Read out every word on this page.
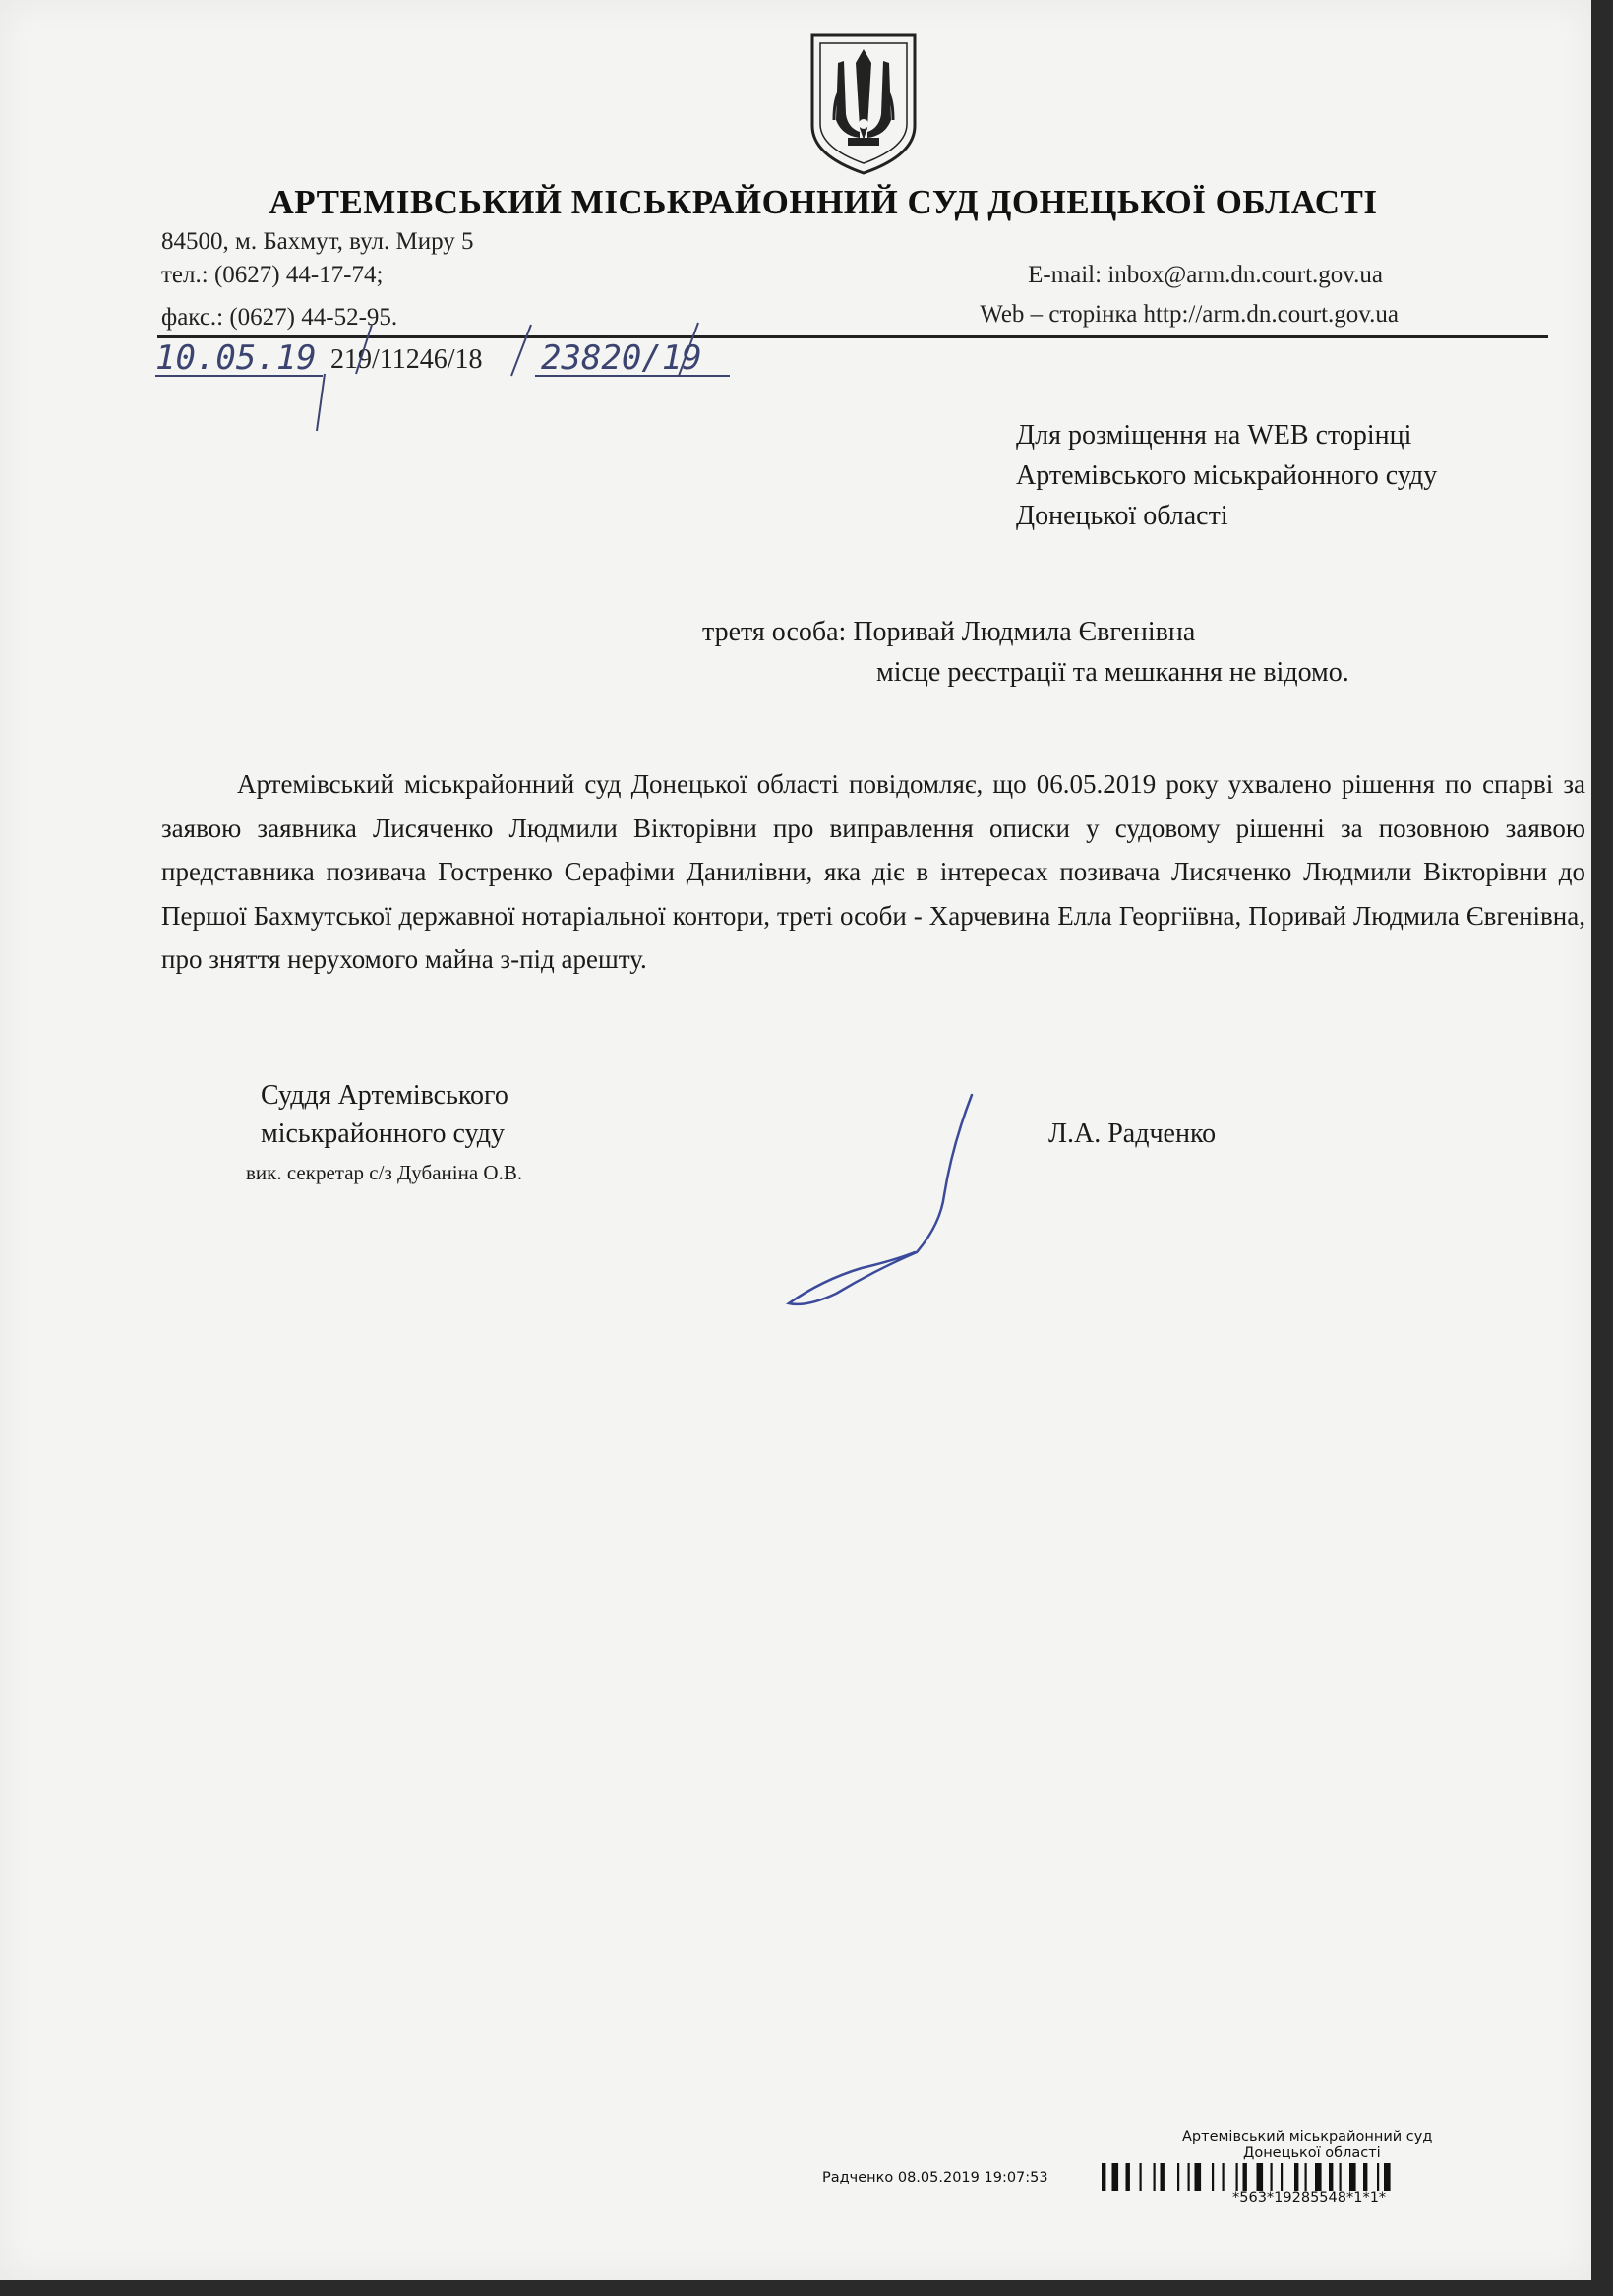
АРТЕМІВСЬКИЙ МІСЬКРАЙОННИЙ СУД ДОНЕЦЬКОЇ ОБЛАСТІ
84500, м. Бахмут, вул. Миру 5
тел.: (0627) 44-17-74;
факс.: (0627) 44-52-95.
E-mail: inbox@arm.dn.court.gov.ua
Web – сторінка http://arm.dn.court.gov.ua
10.05.19 219/11246/18 23820/19
Для розміщення на WEB сторінці
Артемівського міськрайонного суду
Донецької області
третя особа: Поривай Людмила Євгенівна
місце реєстрації та мешкання не відомо.
Артемівський міськрайонний суд Донецької області повідомляє, що 06.05.2019 року ухвалено рішення по спарві за заявою заявника Лисяченко Людмили Вікторівни про виправлення описки у судовому рішенні за позовною заявою представника позивача Гостренко Серафіми Данилівни, яка діє в інтересах позивача Лисяченко Людмили Вікторівни до Першої Бахмутської державної нотаріальної контори, треті особи - Харчевина Елла Георгіївна, Поривай Людмила Євгенівна, про зняття нерухомого майна з-під арешту.
Суддя Артемівського
міськрайонного суду
вик. секретар с/з Дубаніна О.В.
Л.А. Радченко
Артемівський міськрайонний суд
Донецької області
Радченко 08.05.2019 19:07:53
*563*19285548*1*1*
